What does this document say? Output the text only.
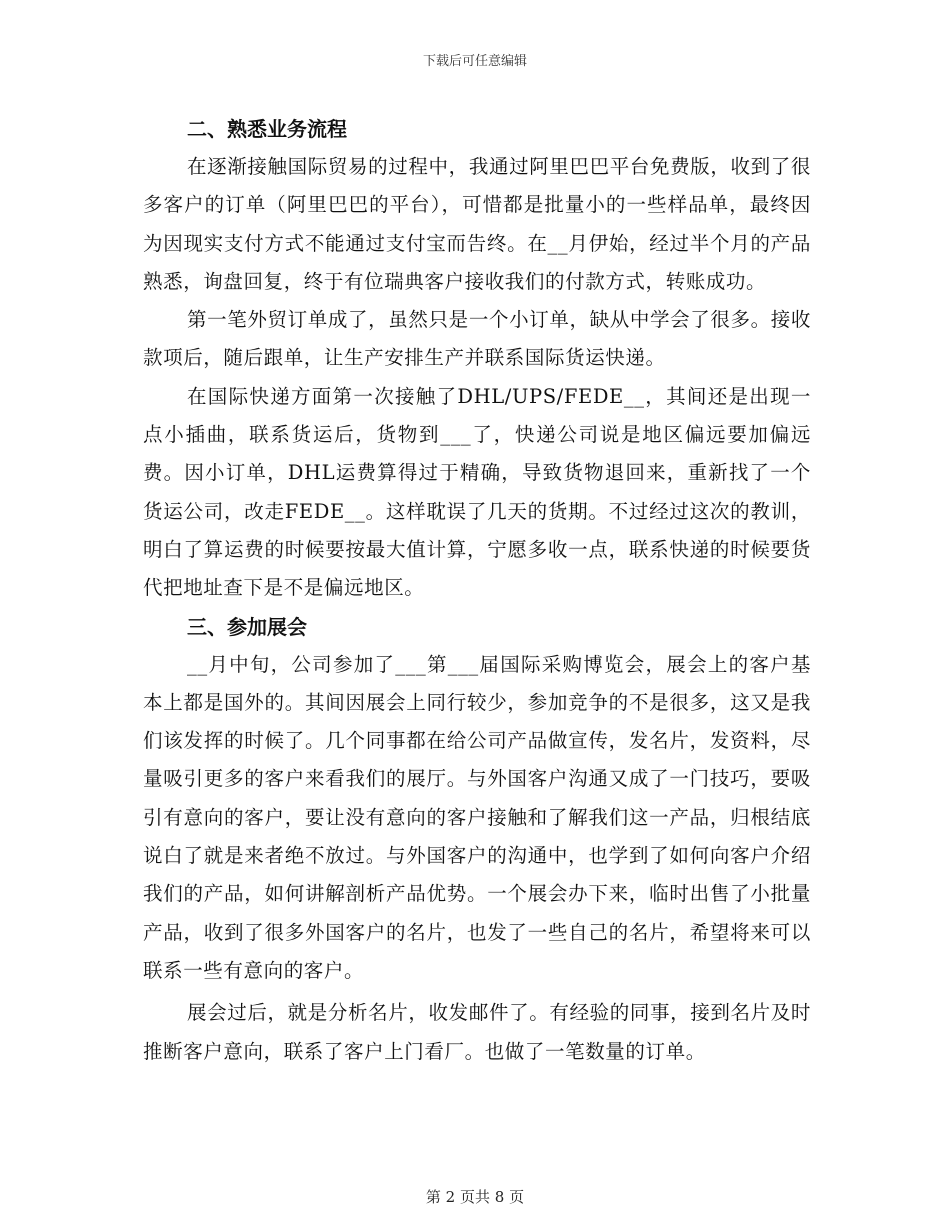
下载后可任意编辑
二、熟悉业务流程

在逐渐接触国际贸易的过程中，我通过阿里巴巴平台免费版，收到了很多客户的订单（阿里巴巴的平台），可惜都是批量小的一些样品单，最终因为因现实支付方式不能通过支付宝而告终。在__月伊始，经过半个月的产品熟悉，询盘回复，终于有位瑞典客户接收我们的付款方式，转账成功。

第一笔外贸订单成了，虽然只是一个小订单，缺从中学会了很多。接收款项后，随后跟单，让生产安排生产并联系国际货运快递。

在国际快递方面第一次接触了DHL/UPS/FEDE__，其间还是出现一点小插曲，联系货运后，货物到___了，快递公司说是地区偏远要加偏远费。因小订单，DHL运费算得过于精确，导致货物退回来，重新找了一个货运公司，改走FEDE__。这样耽误了几天的货期。不过经过这次的教训，明白了算运费的时候要按最大值计算，宁愿多收一点，联系快递的时候要货代把地址查下是不是偏远地区。

三、参加展会

__月中旬，公司参加了___第___届国际采购博览会，展会上的客户基本上都是国外的。其间因展会上同行较少，参加竞争的不是很多，这又是我们该发挥的时候了。几个同事都在给公司产品做宣传，发名片，发资料，尽量吸引更多的客户来看我们的展厅。与外国客户沟通又成了一门技巧，要吸引有意向的客户，要让没有意向的客户接触和了解我们这一产品，归根结底说白了就是来者绝不放过。与外国客户的沟通中，也学到了如何向客户介绍我们的产品，如何讲解剖析产品优势。一个展会办下来，临时出售了小批量产品，收到了很多外国客户的名片，也发了一些自己的名片，希望将来可以联系一些有意向的客户。

展会过后，就是分析名片，收发邮件了。有经验的同事，接到名片及时推断客户意向，联系了客户上门看厂。也做了一笔数量的订单。

第 2 页共 8 页
